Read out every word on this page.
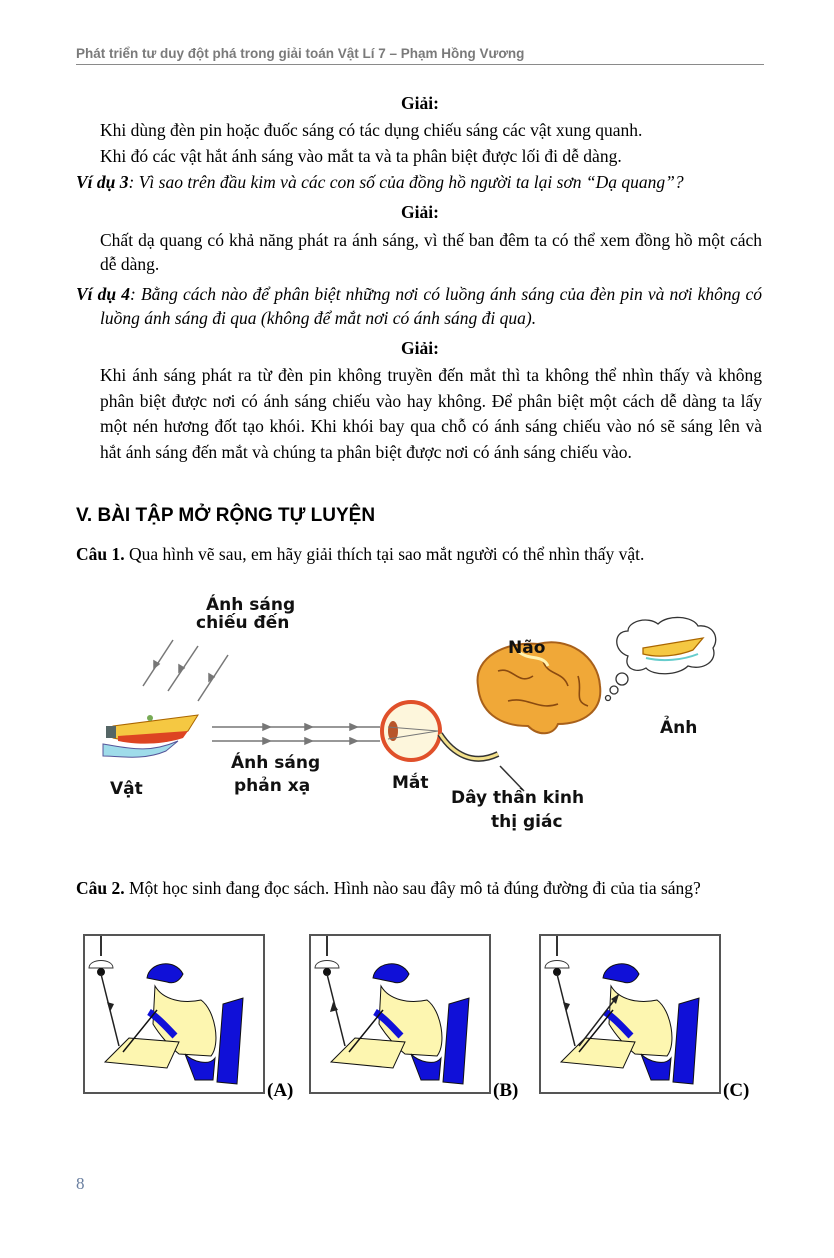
Phát triển tư duy đột phá trong giải toán Vật Lí 7 – Phạm Hồng Vương
Giải:
Khi dùng đèn pin hoặc đuốc sáng có tác dụng chiếu sáng các vật xung quanh.
Khi đó các vật hắt ánh sáng vào mắt ta và ta phân biệt được lối đi dễ dàng.
Ví dụ 3: Vì sao trên đầu kim và các con số của đồng hồ người ta lại sơn “Dạ quang”?
Giải:
Chất dạ quang có khả năng phát ra ánh sáng, vì thế ban đêm ta có thể xem đồng hồ một cách dễ dàng.
Ví dụ 4: Bằng cách nào để phân biệt những nơi có luồng ánh sáng của đèn pin và nơi không có luồng ánh sáng đi qua (không để mắt nơi có ánh sáng đi qua).
Giải:
Khi ánh sáng phát ra từ đèn pin không truyền đến mắt thì ta không thể nhìn thấy và không phân biệt được nơi có ánh sáng chiếu vào hay không. Để phân biệt một cách dễ dàng ta lấy một nén hương đốt tạo khói. Khi khói bay qua chỗ có ánh sáng chiếu vào nó sẽ sáng lên và hắt ánh sáng đến mắt và chúng ta phân biệt được nơi có ánh sáng chiếu vào.
V. BÀI TẬP MỞ RỘNG TỰ LUYỆN
Câu 1. Qua hình vẽ sau, em hãy giải thích tại sao mắt người có thể nhìn thấy vật.
Ánh sáng
chiếu đến
Vật
Ánh sáng
phản xạ	Mắt
Dây thần kinh
thị giác
Não
Ảnh
Câu 2. Một học sinh đang đọc sách. Hình nào sau đây mô tả đúng đường đi của tia sáng?
(A)	(B)	(C)
8
